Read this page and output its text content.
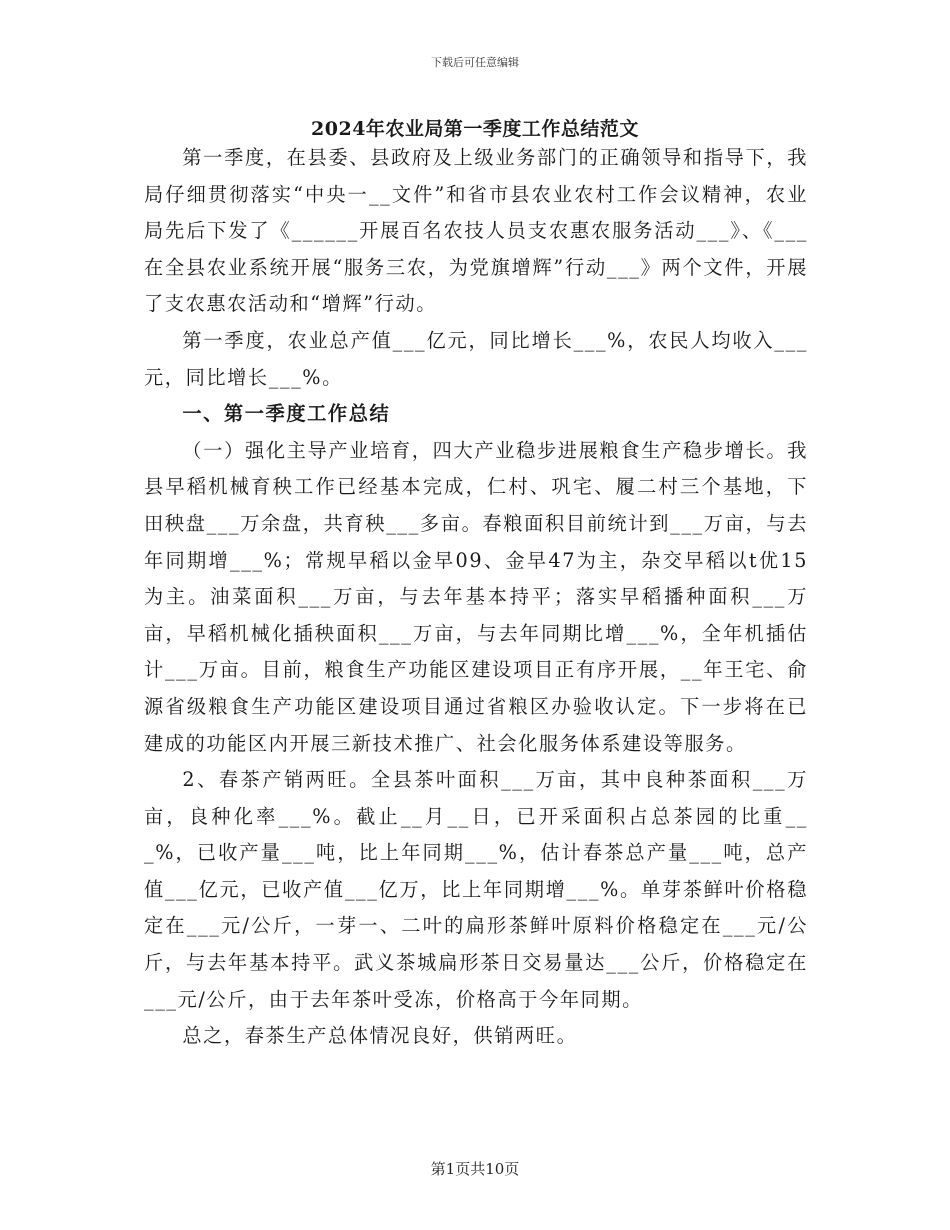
下载后可任意编辑
2024年农业局第一季度工作总结范文

第一季度，在县委、县政府及上级业务部门的正确领导和指导下，我局仔细贯彻落实“中央一__文件”和省市县农业农村工作会议精神，农业局先后下发了《______开展百名农技人员支农惠农服务活动___》、《___在全县农业系统开展“服务三农，为党旗增辉”行动___》两个文件，开展了支农惠农活动和“增辉”行动。

第一季度，农业总产值___亿元，同比增长___%，农民人均收入___元，同比增长___%。

一、第一季度工作总结

（一）强化主导产业培育，四大产业稳步进展粮食生产稳步增长。我县早稻机械育秧工作已经基本完成，仁村、巩宅、履二村三个基地，下田秧盘___万余盘，共育秧___多亩。春粮面积目前统计到___万亩，与去年同期增___%；常规早稻以金早09、金早47为主，杂交早稻以t优15为主。油菜面积___万亩，与去年基本持平；落实早稻播种面积___万亩，早稻机械化插秧面积___万亩，与去年同期比增___%，全年机插估计___万亩。目前，粮食生产功能区建设项目正有序开展，__年王宅、俞源省级粮食生产功能区建设项目通过省粮区办验收认定。下一步将在已建成的功能区内开展三新技术推广、社会化服务体系建设等服务。

2、春茶产销两旺。全县茶叶面积___万亩，其中良种茶面积___万亩，良种化率___%。截止__月__日，已开采面积占总茶园的比重___%，已收产量___吨，比上年同期___%，估计春茶总产量___吨，总产值___亿元，已收产值___亿万，比上年同期增___%。单芽茶鲜叶价格稳定在___元/公斤，一芽一、二叶的扁形茶鲜叶原料价格稳定在___元/公斤，与去年基本持平。武义茶城扁形茶日交易量达___公斤，价格稳定在___元/公斤，由于去年茶叶受冻，价格高于今年同期。

总之，春茶生产总体情况良好，供销两旺。

第1页共10页
